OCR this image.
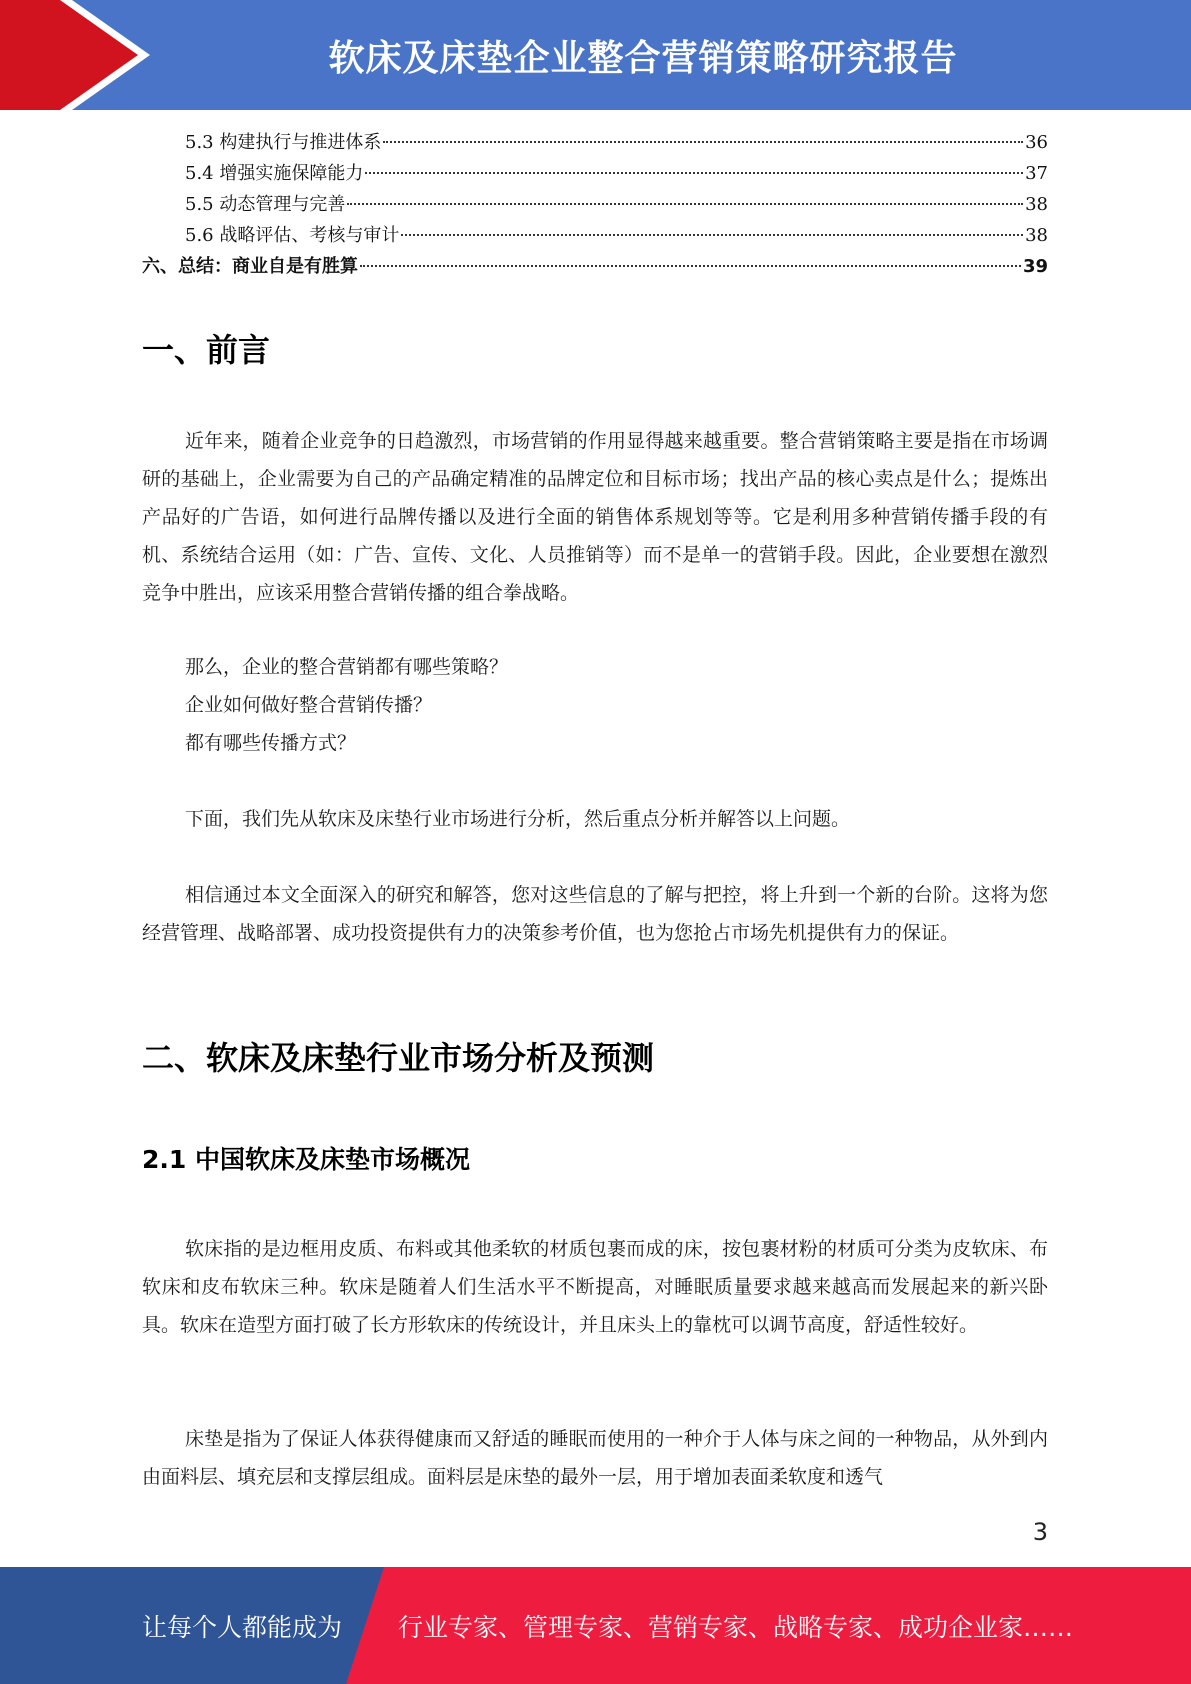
软床及床垫企业整合营销策略研究报告
5.3 构建执行与推进体系	36
5.4 增强实施保障能力	37
5.5 动态管理与完善	38
5.6 战略评估、考核与审计	38
六、总结：商业自是有胜算	39
一、前言

近年来，随着企业竞争的日趋激烈，市场营销的作用显得越来越重要。整合营销策略主要是指在市场调研的基础上，企业需要为自己的产品确定精准的品牌定位和目标市场；找出产品的核心卖点是什么；提炼出产品好的广告语，如何进行品牌传播以及进行全面的销售体系规划等等。它是利用多种营销传播手段的有机、系统结合运用（如：广告、宣传、文化、人员推销等）而不是单一的营销手段。因此，企业要想在激烈竞争中胜出，应该采用整合营销传播的组合拳战略。

那么，企业的整合营销都有哪些策略？

企业如何做好整合营销传播？

都有哪些传播方式？

下面，我们先从软床及床垫行业市场进行分析，然后重点分析并解答以上问题。

相信通过本文全面深入的研究和解答，您对这些信息的了解与把控，将上升到一个新的台阶。这将为您经营管理、战略部署、成功投资提供有力的决策参考价值，也为您抢占市场先机提供有力的保证。

二、软床及床垫行业市场分析及预测
2.1 中国软床及床垫市场概况

软床指的是边框用皮质、布料或其他柔软的材质包裹而成的床，按包裹材粉的材质可分类为皮软床、布软床和皮布软床三种。软床是随着人们生活水平不断提高，对睡眠质量要求越来越高而发展起来的新兴卧具。软床在造型方面打破了长方形软床的传统设计，并且床头上的靠枕可以调节高度，舒适性较好。

床垫是指为了保证人体获得健康而又舒适的睡眠而使用的一种介于人体与床之间的一种物品，从外到内由面料层、填充层和支撑层组成。面料层是床垫的最外一层，用于增加表面柔软度和透气

3
让每个人都能成为 行业专家、管理专家、营销专家、战略专家、成功企业家……
